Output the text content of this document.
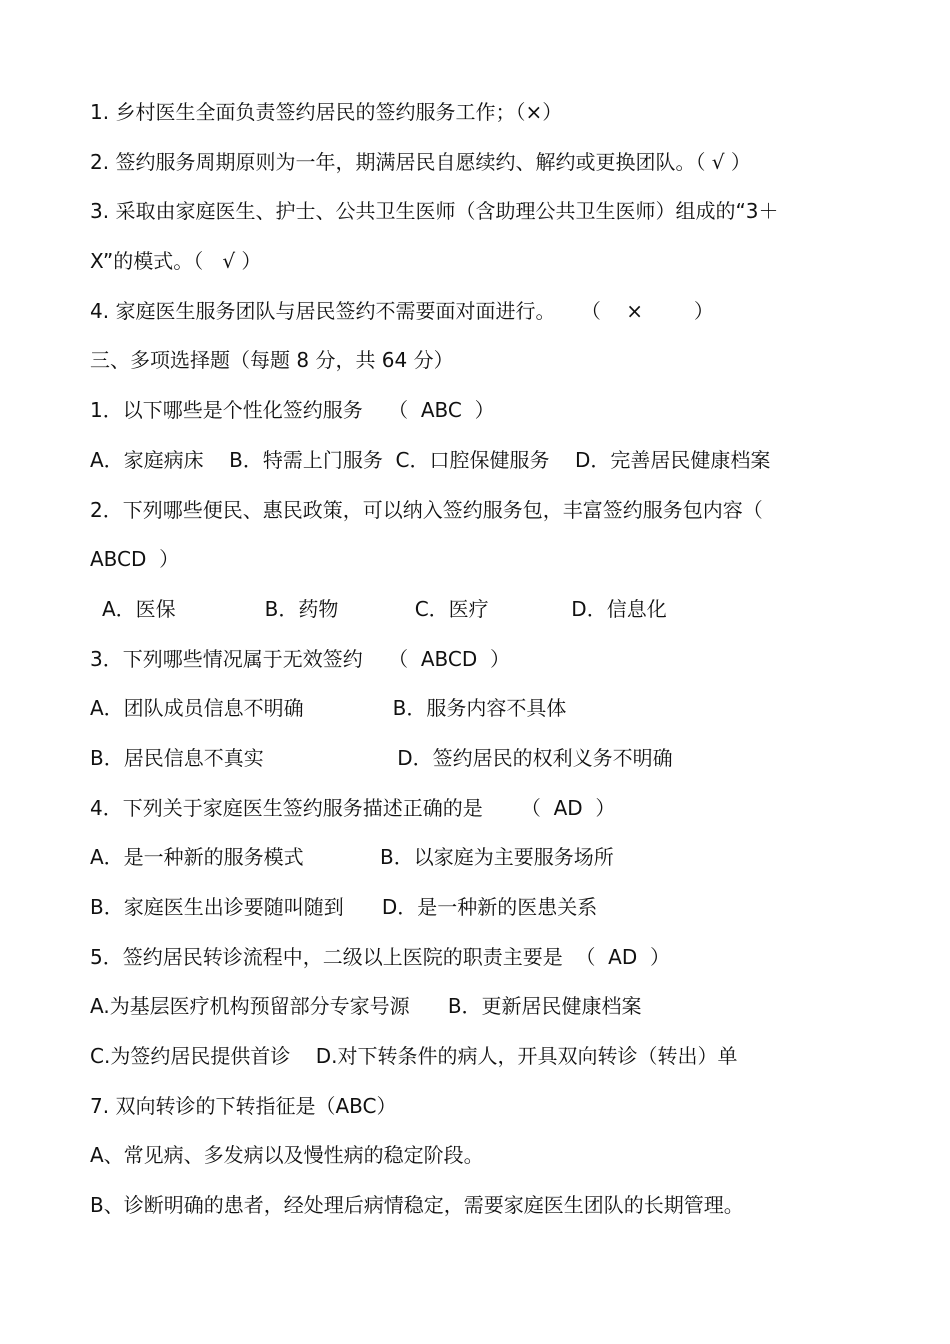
1. 乡村医生全面负责签约居民的签约服务工作；（×）
2. 签约服务周期原则为一年，期满居民自愿续约、解约或更换团队。（ √ ）
3. 采取由家庭医生、护士、公共卫生医师（含助理公共卫生医师）组成的“3＋
X”的模式。（   √ ）
4. 家庭医生服务团队与居民签约不需要面对面进行。    （    ×        ）
三、多项选择题（每题 8 分，共 64 分）
1．以下哪些是个性化签约服务    （  ABC  ）
A．家庭病床    B．特需上门服务  C．口腔保健服务    D．完善居民健康档案
2．下列哪些便民、惠民政策，可以纳入签约服务包，丰富签约服务包内容（
ABCD  ）
A．医保              B．药物            C．医疗             D．信息化
3．下列哪些情况属于无效签约    （  ABCD  ）
A．团队成员信息不明确              B．服务内容不具体
B．居民信息不真实                     D．签约居民的权利义务不明确
4．下列关于家庭医生签约服务描述正确的是      （  AD  ）
A．是一种新的服务模式            B．以家庭为主要服务场所
B．家庭医生出诊要随叫随到      D．是一种新的医患关系
5．签约居民转诊流程中，二级以上医院的职责主要是  （  AD  ）
A.为基层医疗机构预留部分专家号源      B．更新居民健康档案
C.为签约居民提供首诊    D.对下转条件的病人，开具双向转诊（转出）单
7. 双向转诊的下转指征是（ABC）
A、常见病、多发病以及慢性病的稳定阶段。
B、诊断明确的患者，经处理后病情稳定，需要家庭医生团队的长期管理。
